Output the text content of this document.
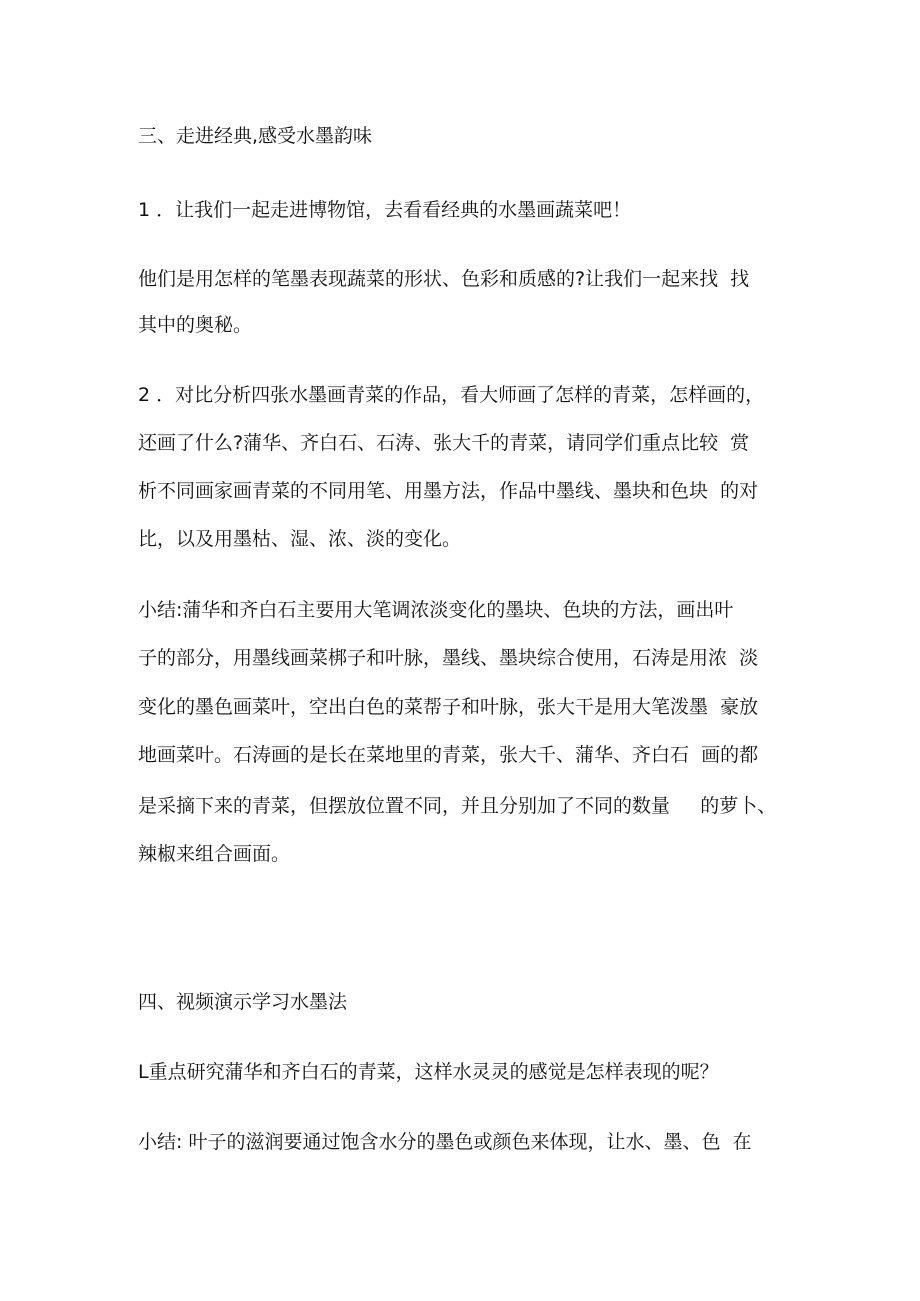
三、走进经典,感受水墨韵味
1 ．让我们一起走进博物馆，去看看经典的水墨画蔬菜吧！
他们是用怎样的笔墨表现蔬菜的形状、色彩和质感的?让我们一起来找  找
其中的奥秘。
2 ．对比分析四张水墨画青菜的作品，看大师画了怎样的青菜，怎样画的，
还画了什么?蒲华、齐白石、石涛、张大千的青菜，请同学们重点比较  赏
析不同画家画青菜的不同用笔、用墨方法，作品中墨线、墨块和色块  的对
比，以及用墨枯、湿、浓、淡的变化。
小结:蒲华和齐白石主要用大笔调浓淡变化的墨块、色块的方法，画出叶
子的部分，用墨线画菜梆子和叶脉，墨线、墨块综合使用，石涛是用浓  淡
变化的墨色画菜叶，空出白色的菜帮子和叶脉，张大干是用大笔泼墨  豪放
地画菜叶。石涛画的是长在菜地里的青菜，张大千、蒲华、齐白石  画的都
是采摘下来的青菜，但摆放位置不同，并且分别加了不同的数量     的萝卜、
辣椒来组合画面。
四、视频演示学习水墨法
L重点研究蒲华和齐白石的青菜，这样水灵灵的感觉是怎样表现的呢？
小结: 叶子的滋润要通过饱含水分的墨色或颜色来体现，让水、墨、色  在
